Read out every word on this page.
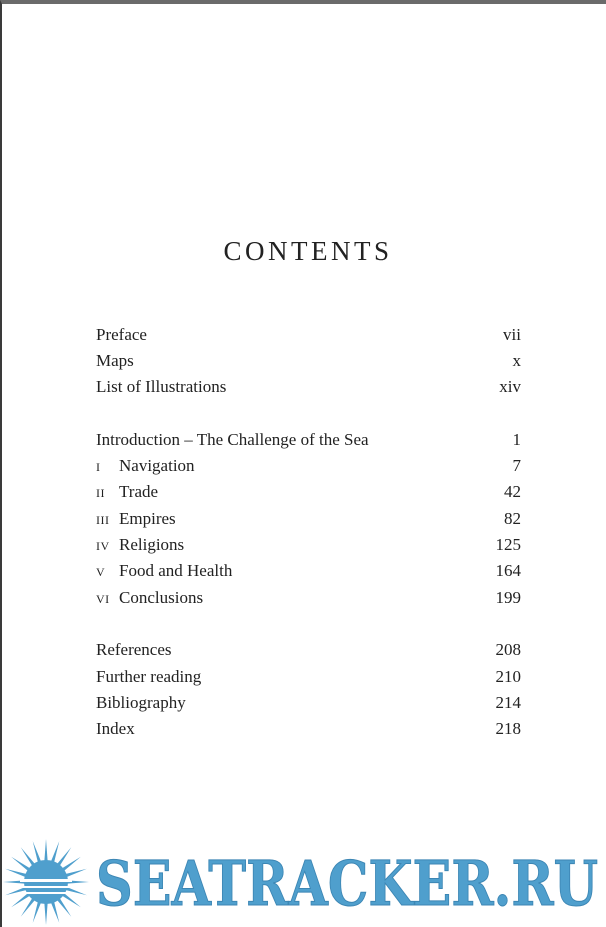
CONTENTS
Preface	vii
Maps	x
List of Illustrations	xiv
Introduction – The Challenge of the Sea	1
I Navigation	7
II Trade	42
III Empires	82
IV Religions	125
V Food and Health	164
VI Conclusions	199
References	208
Further reading	210
Bibliography	214
Index	218
SEATRACKER.RU
